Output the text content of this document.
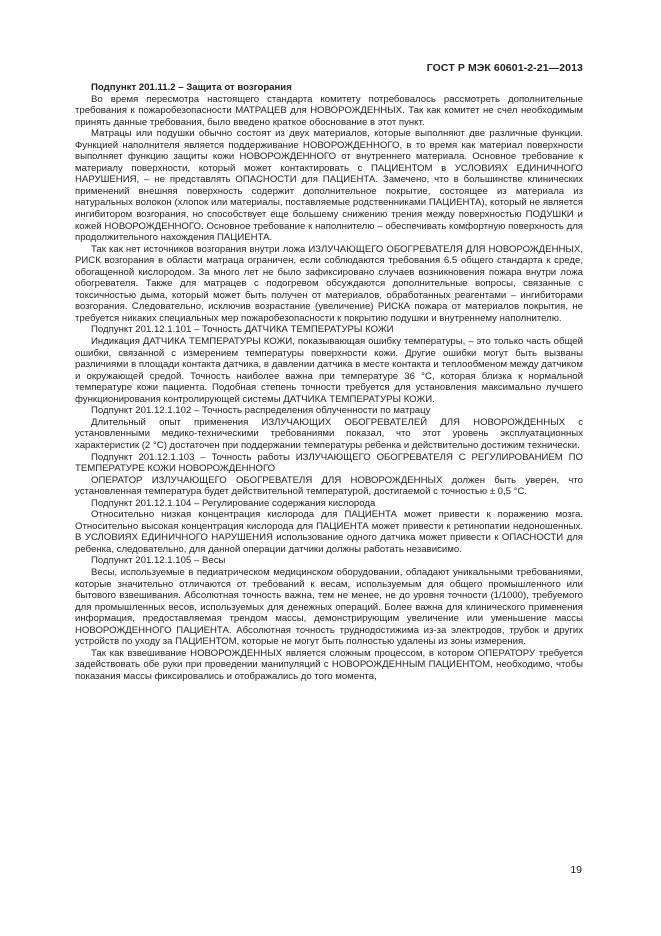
ГОСТ Р МЭК 60601-2-21—2013

Подпункт 201.11.2 – Защита от возгорания

Во время пересмотра настоящего стандарта комитету потребовалось рассмотреть дополнительные требования к пожаробезопасности МАТРАЦЕВ для НОВОРОЖДЕННЫХ. Так как комитет не счел необходимым принять данные требования, было введено краткое обоснование в этот пункт.

Матрацы или подушки обычно состоят из двух материалов, которые выполняют две различные функции. Функцией наполнителя является поддерживание НОВОРОЖДЕННОГО, в то время как материал поверхности выполняет функцию защиты кожи НОВОРОЖДЕННОГО от внутреннего материала. Основное требование к материалу поверхности, который может контактировать с ПАЦИЕНТОМ в УСЛОВИЯХ ЕДИНИЧНОГО НАРУШЕНИЯ, – не представлять ОПАСНОСТИ для ПАЦИЕНТА. Замечено, что в большинстве клинических применений внешняя поверхность содержит дополнительное покрытие, состоящее из материала из натуральных волокон (хлопок или материалы, поставляемые родственниками ПАЦИЕНТА), который не является ингибитором возгорания, но способствует еще большему снижению трения между поверхностью ПОДУШКИ и кожей НОВОРОЖДЕННОГО. Основное требование к наполнителю – обеспечивать комфортную поверхность для продолжительного нахождения ПАЦИЕНТА.

Так как нет источников возгорания внутри ложа ИЗЛУЧАЮЩЕГО ОБОГРЕВАТЕЛЯ ДЛЯ НОВОРОЖДЕННЫХ, РИСК возгорания в области матраца ограничен, если соблюдаются требования 6.5 общего стандарта к среде, обогащенной кислородом. За много лет не было зафиксировано случаев возникновения пожара внутри ложа обогревателя. Также для матрацев с подогревом обсуждаются дополнительные вопросы, связанные с токсичностью дыма, который может быть получен от материалов, обработанных реагентами – ингибиторами возгорания. Следовательно, исключив возрастание (увеличение) РИСКА пожара от материалов покрытия, не требуется никаких специальных мер пожаробезопасности к покрытию подушки и внутреннему наполнителю.

Подпункт 201.12.1.101 – Точность ДАТЧИКА ТЕМПЕРАТУРЫ КОЖИ

Индикация ДАТЧИКА ТЕМПЕРАТУРЫ КОЖИ, показывающая ошибку температуры, – это только часть общей ошибки, связанной с измерением температуры поверхности кожи. Другие ошибки могут быть вызваны различиями в площади контакта датчика, в давлении датчика в месте контакта и теплообменом между датчиком и окружающей средой. Точность наиболее важна при температуре 36 °С, которая близка к нормальной температуре кожи пациента. Подобная степень точности требуется для установления максимально лучшего функционирования контролирующей системы ДАТЧИКА ТЕМПЕРАТУРЫ КОЖИ.

Подпункт 201.12.1.102 – Точность распределения облученности по матрацу

Длительный опыт применения ИЗЛУЧАЮЩИХ ОБОГРЕВАТЕЛЕЙ ДЛЯ НОВОРОЖДЕННЫХ с установленными медико-техническими требованиями показал, что этот уровень эксплуатационных характеристик (2 °С) достаточен при поддержании температуры ребенка и действительно достижим технически.

Подпункт 201.12.1.103 – Точность работы ИЗЛУЧАЮЩЕГО ОБОГРЕВАТЕЛЯ С РЕГУЛИРОВАНИЕМ ПО ТЕМПЕРАТУРЕ КОЖИ НОВОРОЖДЕННОГО

ОПЕРАТОР ИЗЛУЧАЮЩЕГО ОБОГРЕВАТЕЛЯ ДЛЯ НОВОРОЖДЕННЫХ должен быть уверен, что установленная температура будет действительной температурой, достигаемой с точностью ± 0,5 °С.

Подпункт 201.12.1.104 – Регулирование содержания кислорода

Относительно низкая концентрация кислорода для ПАЦИЕНТА может привести к поражению мозга. Относительно высокая концентрация кислорода для ПАЦИЕНТА может привести к ретинопатии недоношенных. В УСЛОВИЯХ ЕДИНИЧНОГО НАРУШЕНИЯ использование одного датчика может привести к ОПАСНОСТИ для ребенка, следовательно, для данной операции датчики должны работать независимо.

Подпункт 201.12.1.105 – Весы

Весы, используемые в педиатрическом медицинском оборудовании, обладают уникальными требованиями, которые значительно отличаются от требований к весам, используемым для общего промышленного или бытового взвешивания. Абсолютная точность важна, тем не менее, не до уровня точности (1/1000), требуемого для промышленных весов, используемых для денежных операций. Более важна для клинического применения информация, предоставляемая трендом массы, демонстрирующим увеличение или уменьшение массы НОВОРОЖДЕННОГО ПАЦИЕНТА. Абсолютная точность труднодостижима из-за электродов, трубок и других устройств по уходу за ПАЦИЕНТОМ, которые не могут быть полностью удалены из зоны измерения.

Так как взвешивание НОВОРОЖДЕННЫХ является сложным процессом, в котором ОПЕРАТОРУ требуется задействовать обе руки при проведении манипуляций с НОВОРОЖДЕННЫМ ПАЦИЕНТОМ, необходимо, чтобы показания массы фиксировались и отображались до того момента,

19
